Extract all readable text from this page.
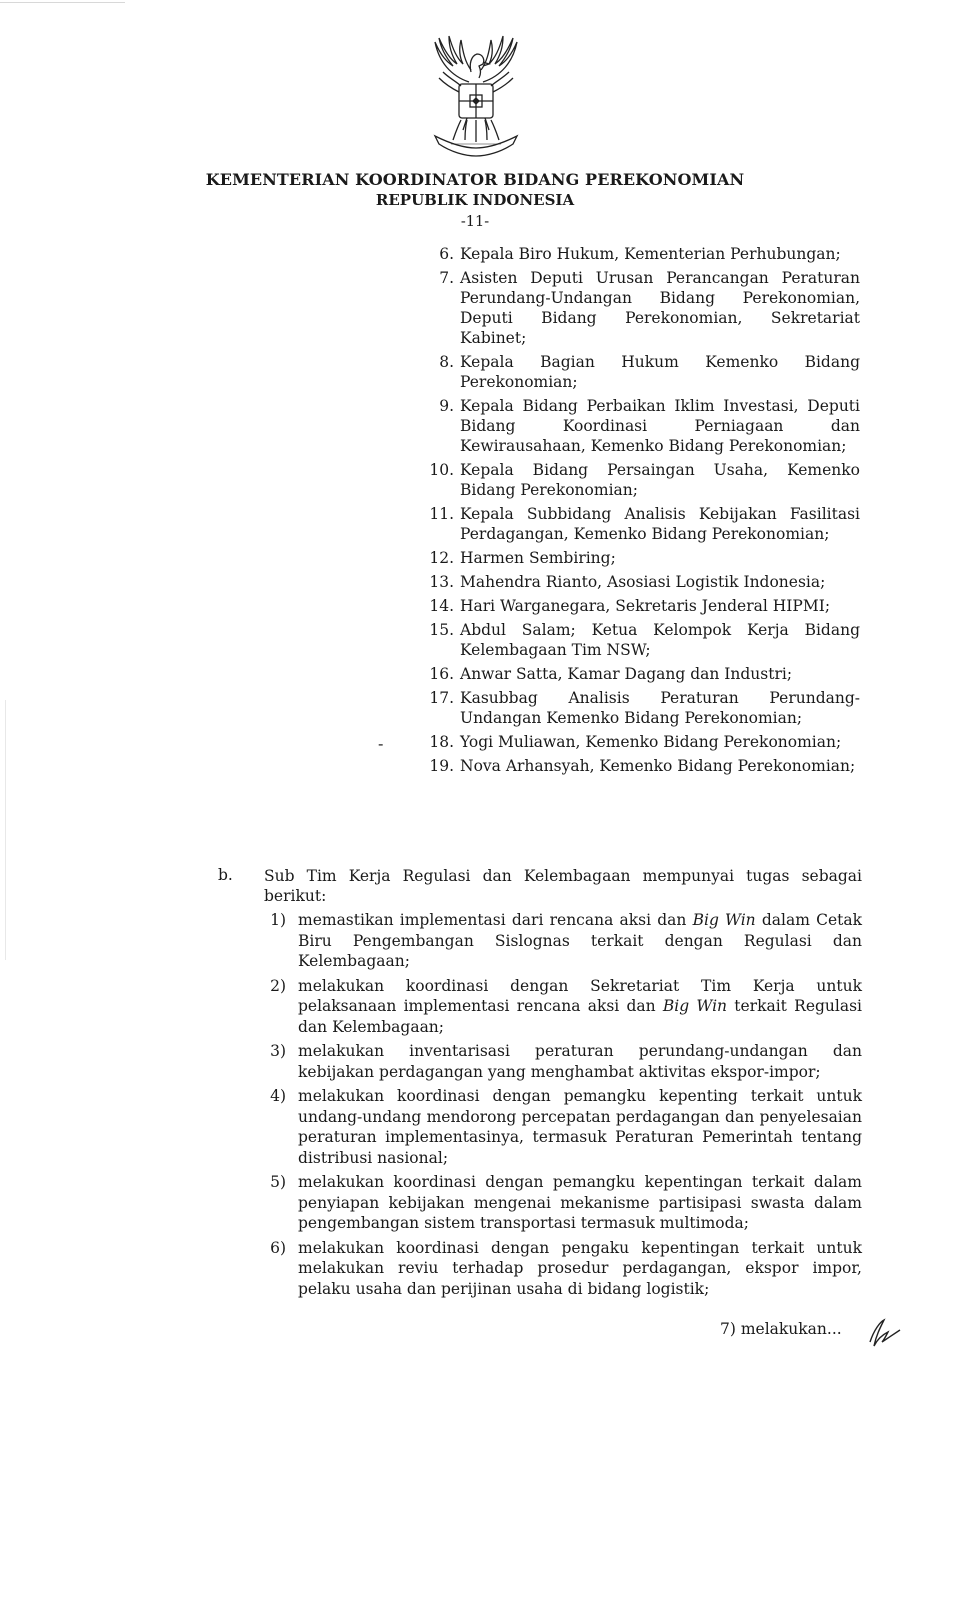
KEMENTERIAN KOORDINATOR BIDANG PEREKONOMIAN
REPUBLIK INDONESIA
-11-
6. Kepala Biro Hukum, Kementerian Perhubungan;
7. Asisten Deputi Urusan Perancangan Peraturan Perundang-Undangan Bidang Perekonomian, Deputi Bidang Perekonomian, Sekretariat Kabinet;
8. Kepala Bagian Hukum Kemenko Bidang Perekonomian;
9. Kepala Bidang Perbaikan Iklim Investasi, Deputi Bidang Koordinasi Perniagaan dan Kewirausahaan, Kemenko Bidang Perekonomian;
10. Kepala Bidang Persaingan Usaha, Kemenko Bidang Perekonomian;
11. Kepala Subbidang Analisis Kebijakan Fasilitasi Perdagangan, Kemenko Bidang Perekonomian;
12. Harmen Sembiring;
13. Mahendra Rianto, Asosiasi Logistik Indonesia;
14. Hari Warganegara, Sekretaris Jenderal HIPMI;
15. Abdul Salam; Ketua Kelompok Kerja Bidang Kelembagaan Tim NSW;
16. Anwar Satta, Kamar Dagang dan Industri;
17. Kasubbag Analisis Peraturan Perundang-Undangan Kemenko Bidang Perekonomian;
18. Yogi Muliawan, Kemenko Bidang Perekonomian;
19. Nova Arhansyah, Kemenko Bidang Perekonomian;
-
b. Sub Tim Kerja Regulasi dan Kelembagaan mempunyai tugas sebagai berikut:
1) memastikan implementasi dari rencana aksi dan Big Win dalam Cetak Biru Pengembangan Sislognas terkait dengan Regulasi dan Kelembagaan;
2) melakukan koordinasi dengan Sekretariat Tim Kerja untuk pelaksanaan implementasi rencana aksi dan Big Win terkait Regulasi dan Kelembagaan;
3) melakukan inventarisasi peraturan perundang-undangan dan kebijakan perdagangan yang menghambat aktivitas ekspor-impor;
4) melakukan koordinasi dengan pemangku kepenting terkait untuk undang-undang mendorong percepatan perdagangan dan penyelesaian peraturan implementasinya, termasuk Peraturan Pemerintah tentang distribusi nasional;
5) melakukan koordinasi dengan pemangku kepentingan terkait dalam penyiapan kebijakan mengenai mekanisme partisipasi swasta dalam pengembangan sistem transportasi termasuk multimoda;
6) melakukan koordinasi dengan pengaku kepentingan terkait untuk melakukan reviu terhadap prosedur perdagangan, ekspor impor, pelaku usaha dan perijinan usaha di bidang logistik;
7) melakukan...
